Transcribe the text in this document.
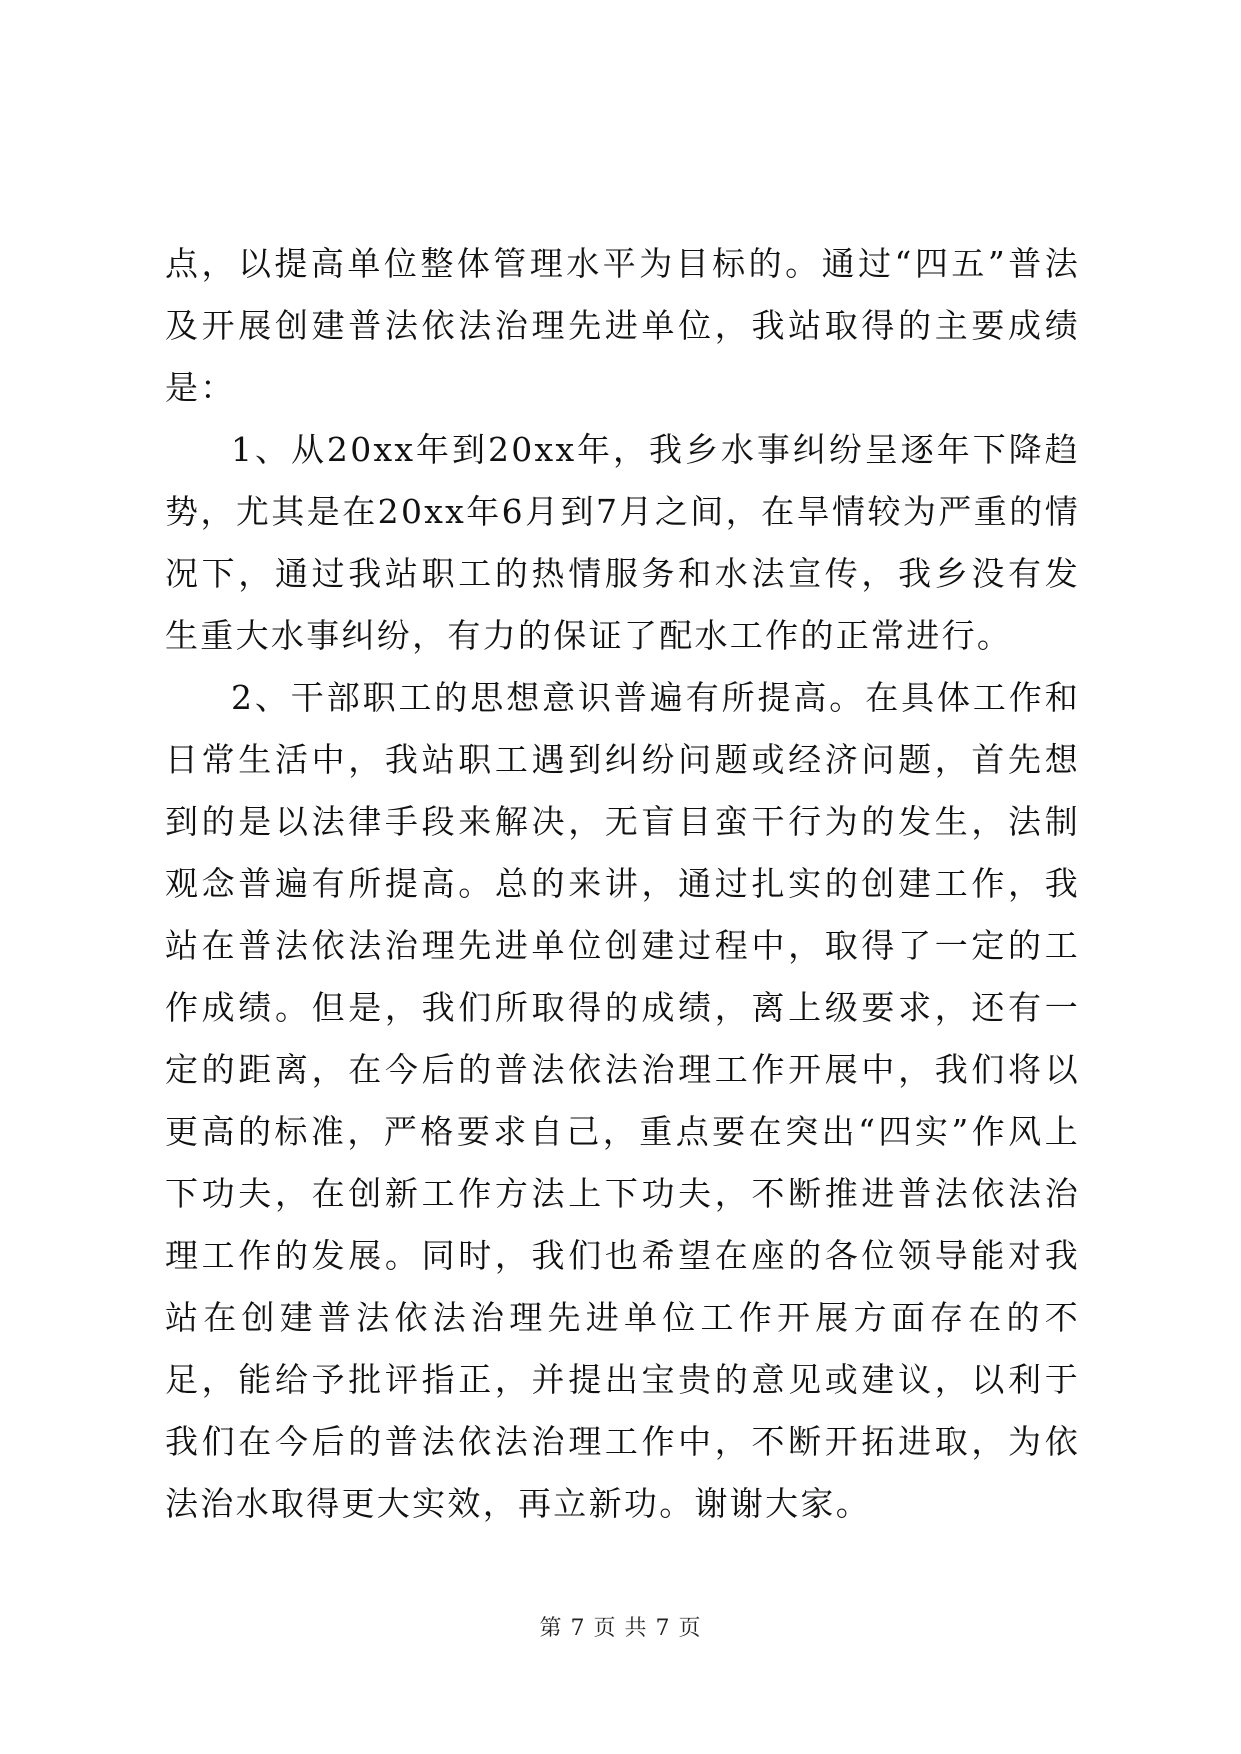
点，以提高单位整体管理水平为目标的。通过“四五”普法及开展创建普法依法治理先进单位，我站取得的主要成绩是：

1、从20xx年到20xx年，我乡水事纠纷呈逐年下降趋势，尤其是在20xx年6月到7月之间，在旱情较为严重的情况下，通过我站职工的热情服务和水法宣传，我乡没有发生重大水事纠纷，有力的保证了配水工作的正常进行。

2、干部职工的思想意识普遍有所提高。在具体工作和日常生活中，我站职工遇到纠纷问题或经济问题，首先想到的是以法律手段来解决，无盲目蛮干行为的发生，法制观念普遍有所提高。总的来讲，通过扎实的创建工作，我站在普法依法治理先进单位创建过程中，取得了一定的工作成绩。但是，我们所取得的成绩，离上级要求，还有一定的距离，在今后的普法依法治理工作开展中，我们将以更高的标准，严格要求自己，重点要在突出“四实”作风上下功夫，在创新工作方法上下功夫，不断推进普法依法治理工作的发展。同时，我们也希望在座的各位领导能对我站在创建普法依法治理先进单位工作开展方面存在的不足，能给予批评指正，并提出宝贵的意见或建议，以利于我们在今后的普法依法治理工作中，不断开拓进取，为依法治水取得更大实效，再立新功。谢谢大家。

第 7 页 共 7 页
